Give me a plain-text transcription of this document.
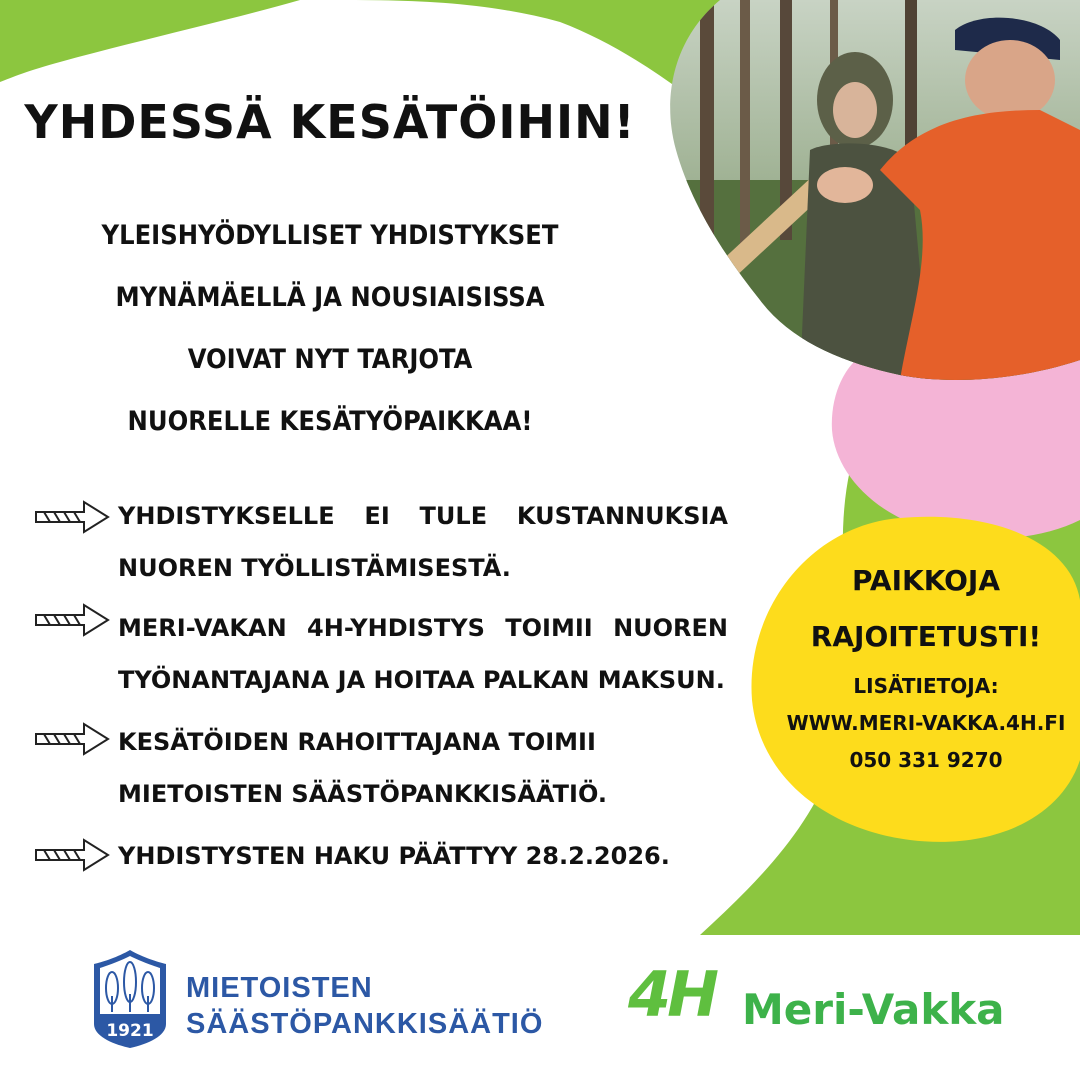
YHDESSÄ KESÄTÖIHIN!
YLEISHYÖDYLLISET YHDISTYKSET
MYNÄMÄELLÄ JA NOUSIAISISSA
VOIVAT NYT TARJOTA
NUORELLE KESÄTYÖPAIKKAA!
YHDISTYKSELLE EI TULE KUSTANNUKSIA
NUOREN TYÖLLISTÄMISESTÄ.
MERI-VAKAN 4H-YHDISTYS TOIMII NUOREN
TYÖNANTAJANA JA HOITAA PALKAN MAKSUN.
KESÄTÖIDEN RAHOITTAJANA TOIMII
MIETOISTEN SÄÄSTÖPANKKISÄÄTIÖ.
YHDISTYSTEN HAKU PÄÄTTYY 28.2.2026.
PAIKKOJA
RAJOITETUSTI!
LISÄTIETOJA:
WWW.MERI-VAKKA.4H.FI
050 331 9270
1921
MIETOISTEN
SÄÄSTÖPANKKISÄÄTIÖ 4H Meri-Vakka
